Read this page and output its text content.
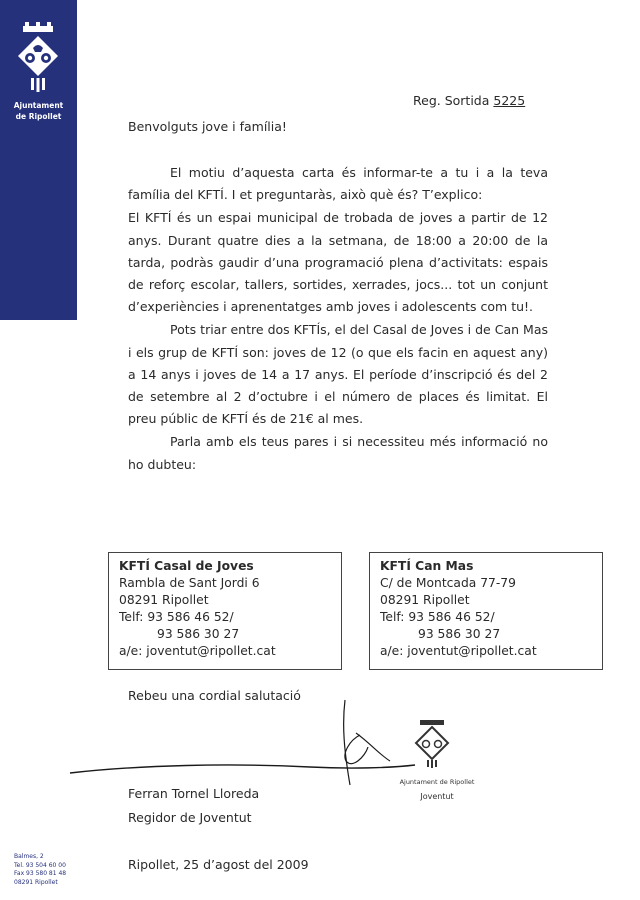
Ajuntament
de Ripollet
Reg. Sortida 5225
Benvolguts jove i família!

El motiu d’aquesta carta és informar-te a tu i a la teva família del KFTÍ. I et preguntaràs, això què és? T’explico:

El KFTÍ és un espai municipal de trobada de joves a partir de 12 anys. Durant quatre dies a la setmana, de 18:00 a 20:00 de la tarda, podràs gaudir d’una programació plena d’activitats: espais de reforç escolar, tallers, sortides, xerrades, jocs... tot un conjunt d’experiències i aprenentatges amb joves i adolescents com tu!.

Pots triar entre dos KFTÍs, el del Casal de Joves i de Can Mas i els grup de KFTÍ son: joves de 12 (o que els facin en aquest any) a 14 anys i joves de 14 a 17 anys. El període d’inscripció és del 2 de setembre al 2 d’octubre i el número de places és limitat. El preu públic de KFTÍ és de 21€ al mes.

Parla amb els teus pares i si necessiteu més informació no ho dubteu:

KFTÍ Casal de Joves
Rambla de Sant Jordi 6
08291 Ripollet
Telf: 93 586 46 52/
93 586 30 27
a/e: joventut@ripollet.cat
KFTÍ Can Mas
C/ de Montcada 77-79
08291 Ripollet
Telf: 93 586 46 52/
93 586 30 27
a/e: joventut@ripollet.cat
Rebeu una cordial salutació
Ajuntament de Ripollet
Joventut
Ferran Tornel Lloreda
Regidor de Joventut
Ripollet, 25 d’agost del 2009
Balmes, 2
Tel. 93 504 60 00
Fax 93 580 81 48
08291 Ripollet
